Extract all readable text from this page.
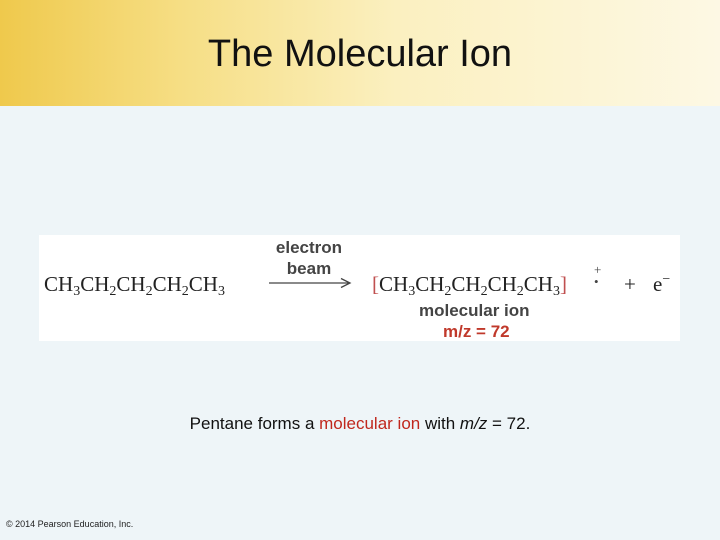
The Molecular Ion
$CH_3CH_2CH_2CH_2CH_3$
electron
beam
$[CH_3CH_2CH_2CH_2CH_3]$
+
• + e−
molecular ion
m/z = 72
Pentane forms a molecular ion with m/z = 72.
© 2014 Pearson Education, Inc.
